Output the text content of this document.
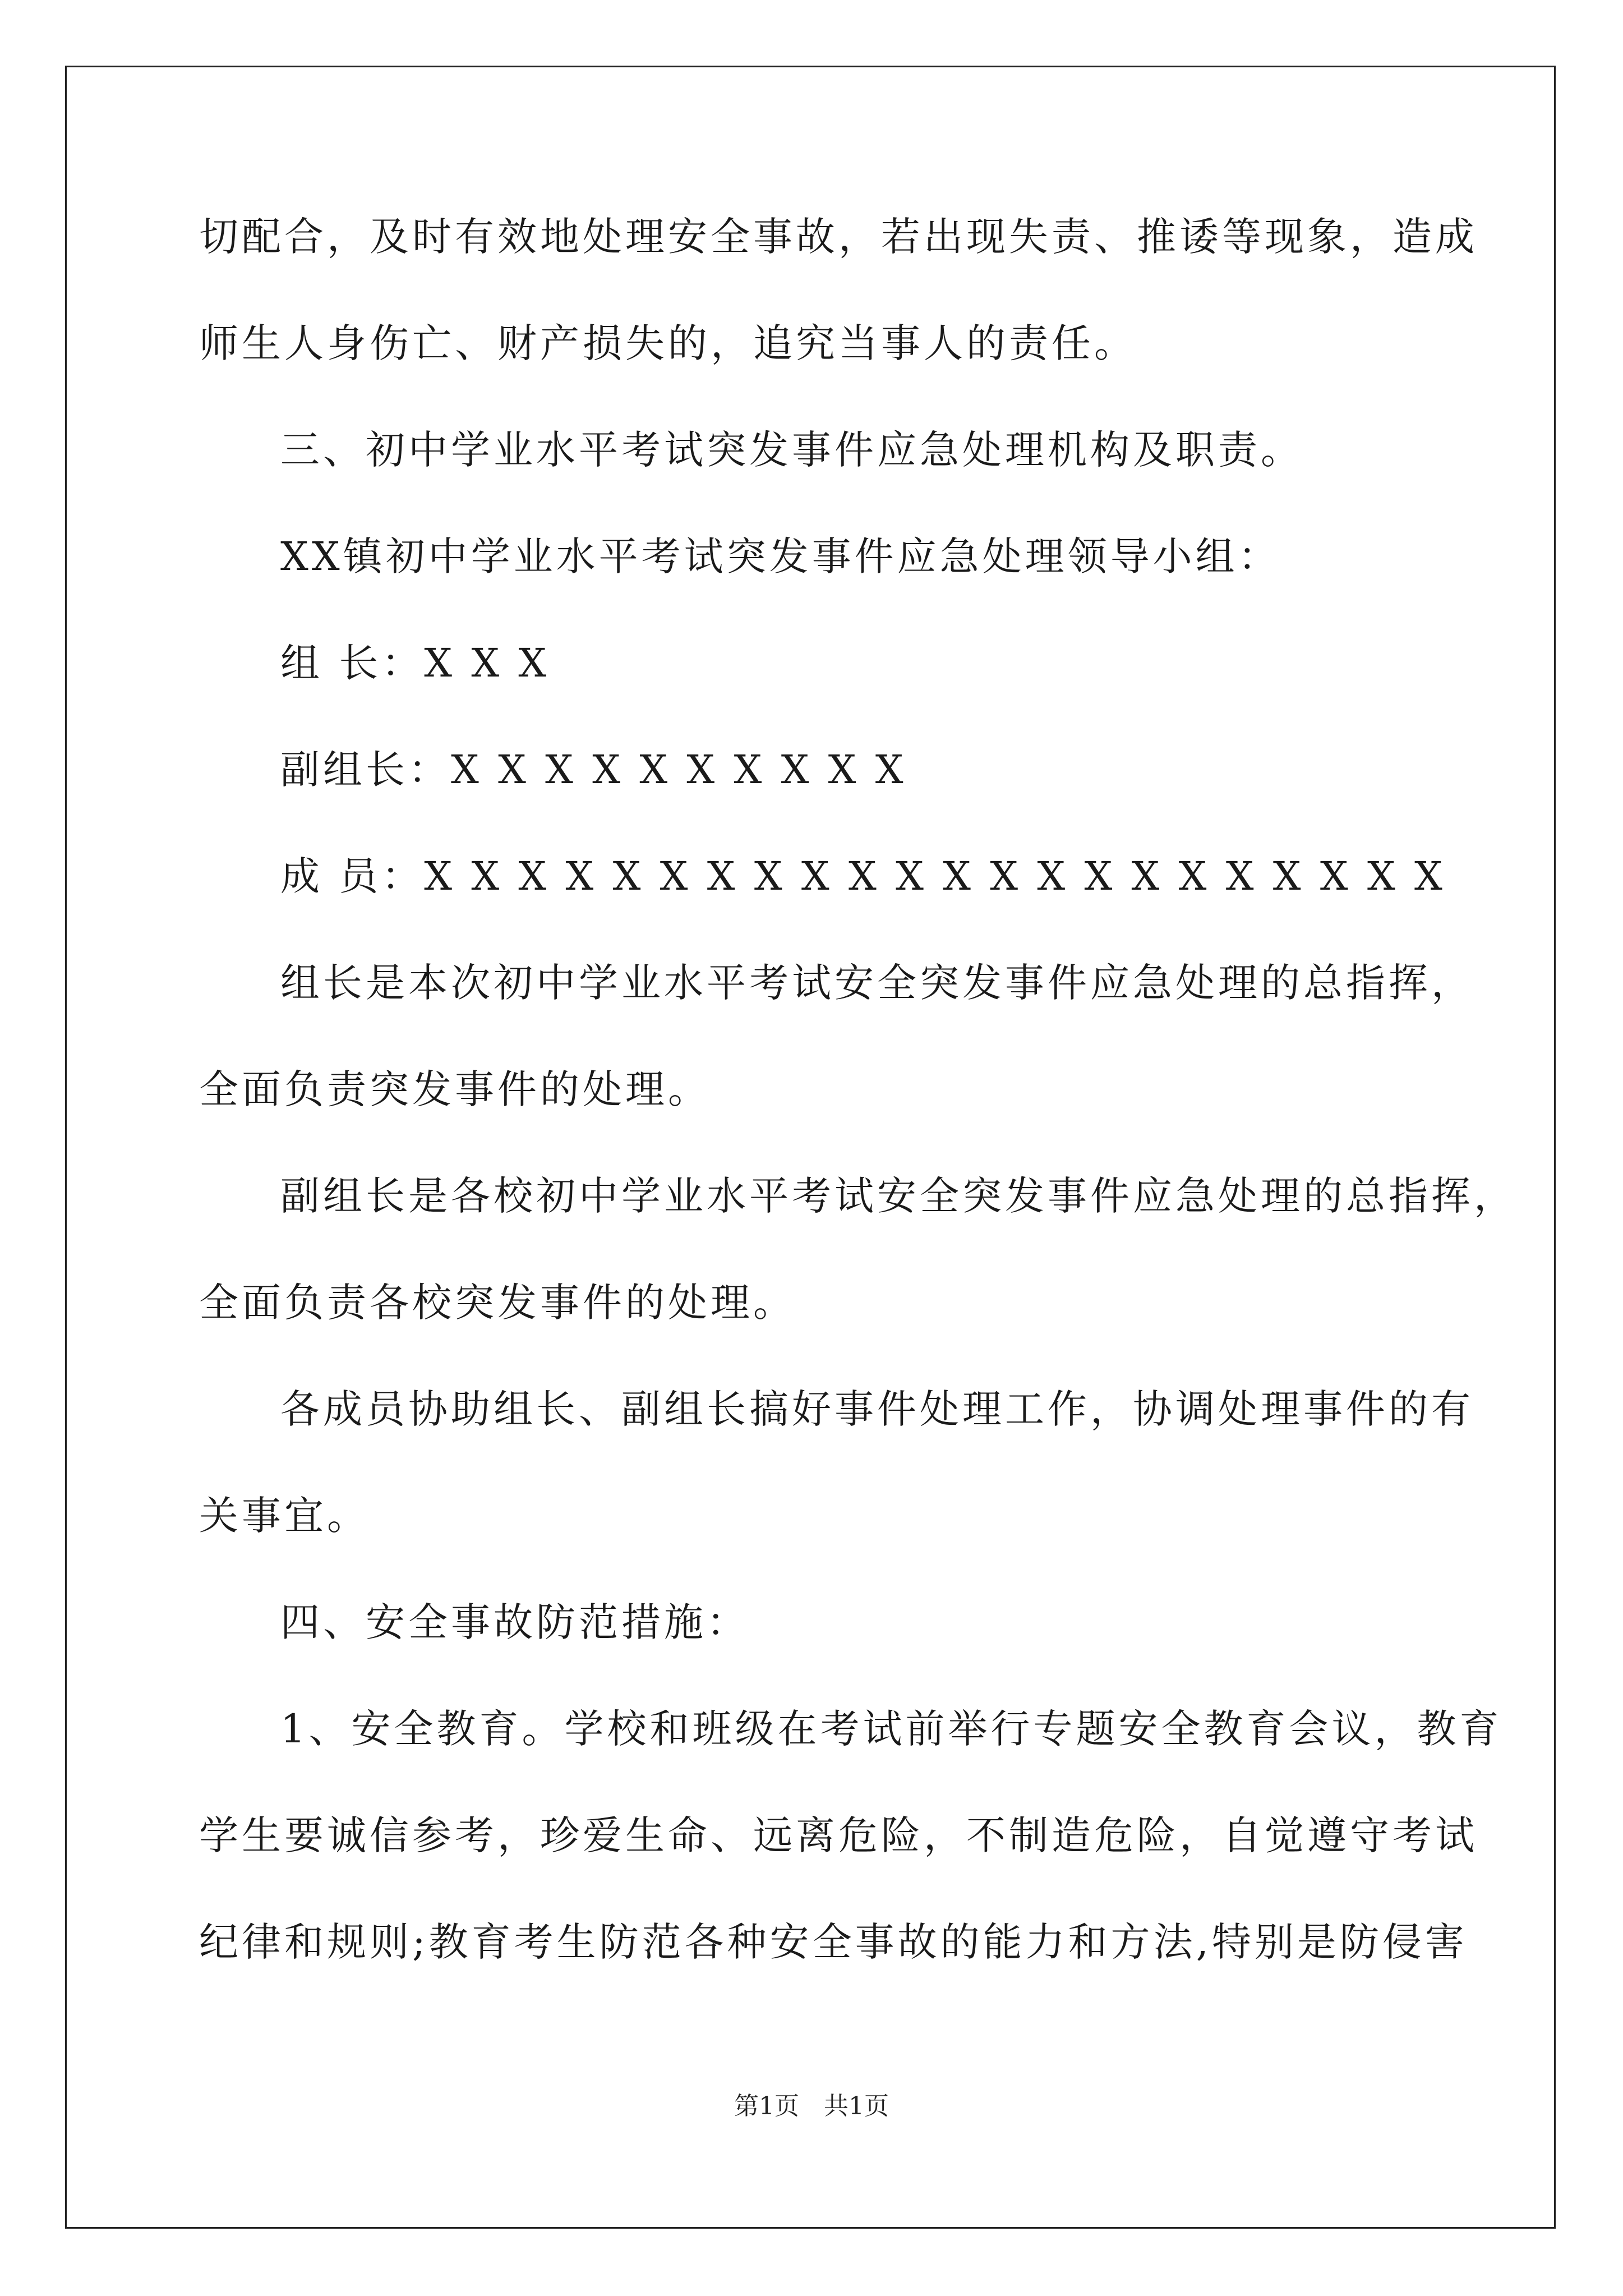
切配合，及时有效地处理安全事故，若出现失责、推诿等现象，造成
师生人身伤亡、财产损失的，追究当事人的责任。
三、初中学业水平考试突发事件应急处理机构及职责。
XX镇初中学业水平考试突发事件应急处理领导小组：
组 长：X X X
副组长：X X X X X X X X X X
成 员：X X X X X X X X X X X X X X X X X X X X X X
组长是本次初中学业水平考试安全突发事件应急处理的总指挥，
全面负责突发事件的处理。
副组长是各校初中学业水平考试安全突发事件应急处理的总指挥，
全面负责各校突发事件的处理。
各成员协助组长、副组长搞好事件处理工作，协调处理事件的有
关事宜。
四、安全事故防范措施：
1、安全教育。学校和班级在考试前举行专题安全教育会议，教育
学生要诚信参考，珍爱生命、远离危险，不制造危险，自觉遵守考试
纪律和规则;教育考生防范各种安全事故的能力和方法,特别是防侵害
第1页　共1页
